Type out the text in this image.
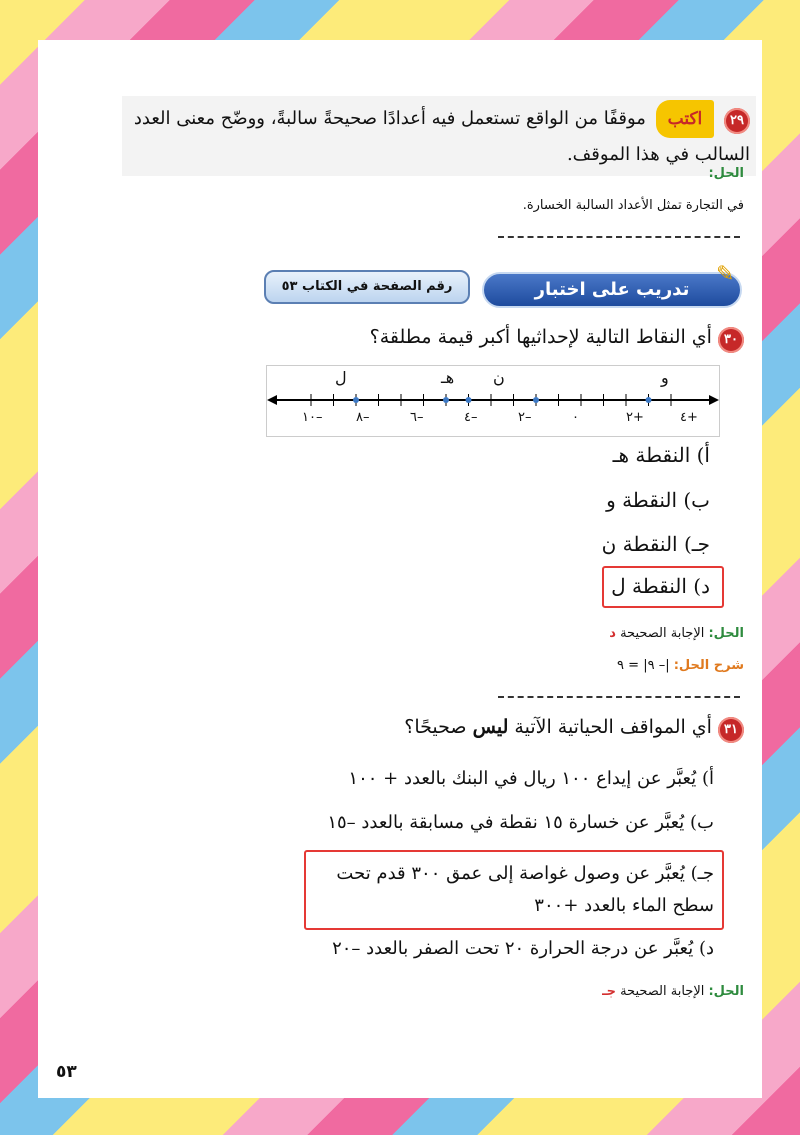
٢٩ اكتب موقفًا من الواقع تستعمل فيه أعدادًا صحيحةً سالبةً، ووضّح معنى العدد السالب في هذا الموقف.
الحل:
في التجارة تمثل الأعداد السالبة الخسارة.
رقم الصفحة في الكتاب ٥٣	تدريب على اختبار
✎
٣٠ أي النقاط التالية لإحداثيها أكبر قيمة مطلقة؟
١٠–	٨–	٦–	٤–	٢–	٠	٢+	٤+
ل	هـ ن	و
أ) النقطة هـ
ب) النقطة و
جـ) النقطة ن
د) النقطة ل
الحل: الإجابة الصحيحة د
شرح الحل: |– ٩| = ٩
٣١ أي المواقف الحياتية الآتية ليس صحيحًا؟
أ) يُعبَّر عن إيداع ١٠٠ ريال في البنك بالعدد + ١٠٠
ب) يُعبَّر عن خسارة ١٥ نقطة في مسابقة بالعدد –١٥
جـ) يُعبَّر عن وصول غواصة إلى عمق ٣٠٠ قدم تحت سطح الماء بالعدد +٣٠٠
د) يُعبَّر عن درجة الحرارة ٢٠ تحت الصفر بالعدد –٢٠
الحل: الإجابة الصحيحة جـ
٥٣
